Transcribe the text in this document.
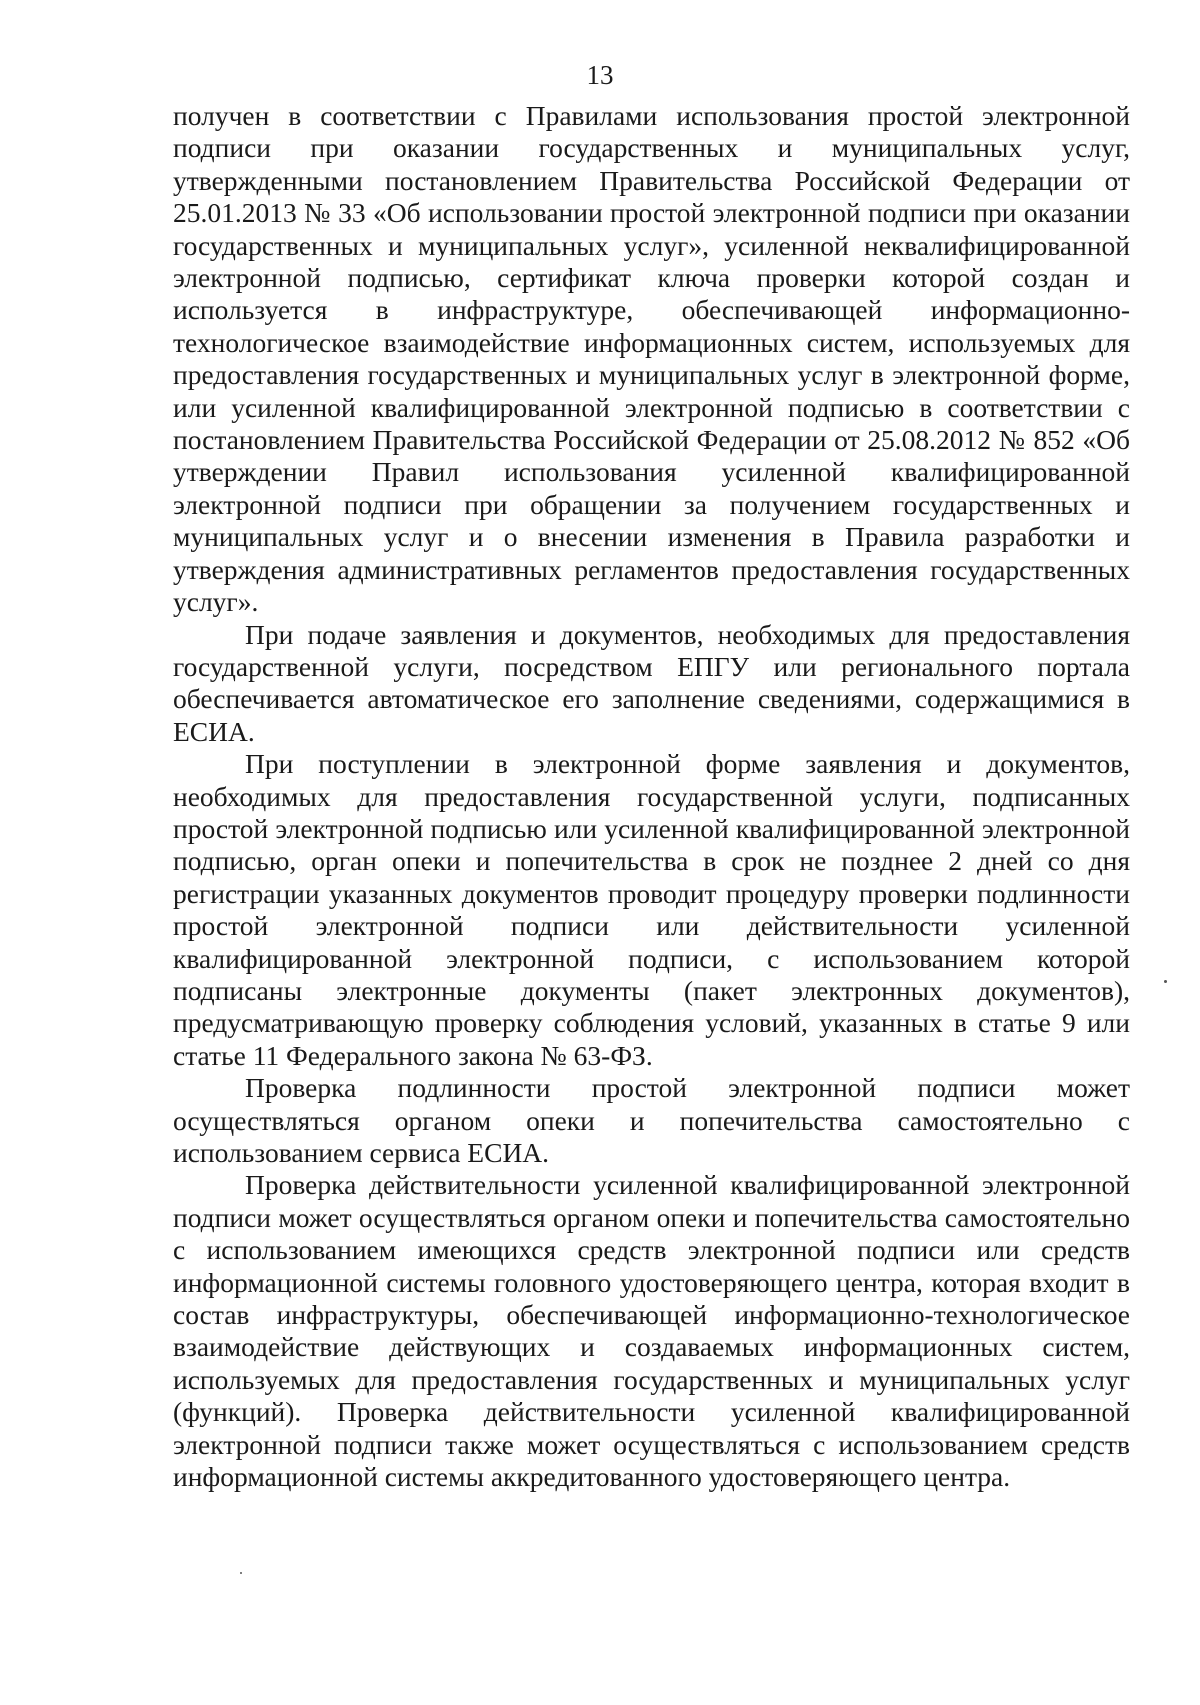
13

получен в соответствии с Правилами использования простой электронной подписи при оказании государственных и муниципальных услуг, утвержденными постановлением Правительства Российской Федерации от 25.01.2013 № 33 «Об использовании простой электронной подписи при оказании государственных и муниципальных услуг», усиленной неквалифицированной электронной подписью, сертификат ключа проверки которой создан и используется в инфраструктуре, обеспечивающей информационно-технологическое взаимодействие информационных систем, используемых для предоставления государственных и муниципальных услуг в электронной форме, или усиленной квалифицированной электронной подписью в соответствии с постановлением Правительства Российской Федерации от 25.08.2012 № 852 «Об утверждении Правил использования усиленной квалифицированной электронной подписи при обращении за получением государственных и муниципальных услуг и о внесении изменения в Правила разработки и утверждения административных регламентов предоставления государственных услуг».

При подаче заявления и документов, необходимых для предоставления государственной услуги, посредством ЕПГУ или регионального портала обеспечивается автоматическое его заполнение сведениями, содержащимися в ЕСИА.

При поступлении в электронной форме заявления и документов, необходимых для предоставления государственной услуги, подписанных простой электронной подписью или усиленной квалифицированной электронной подписью, орган опеки и попечительства в срок не позднее 2 дней со дня регистрации указанных документов проводит процедуру проверки подлинности простой электронной подписи или действительности усиленной квалифицированной электронной подписи, с использованием которой подписаны электронные документы (пакет электронных документов), предусматривающую проверку соблюдения условий, указанных в статье 9 или статье 11 Федерального закона № 63-ФЗ.

Проверка подлинности простой электронной подписи может осуществляться органом опеки и попечительства самостоятельно с использованием сервиса ЕСИА.

Проверка действительности усиленной квалифицированной электронной подписи может осуществляться органом опеки и попечительства самостоятельно с использованием имеющихся средств электронной подписи или средств информационной системы головного удостоверяющего центра, которая входит в состав инфраструктуры, обеспечивающей информационно-технологическое взаимодействие действующих и создаваемых информационных систем, используемых для предоставления государственных и муниципальных услуг (функций). Проверка действительности усиленной квалифицированной электронной подписи также может осуществляться с использованием средств информационной системы аккредитованного удостоверяющего центра.
